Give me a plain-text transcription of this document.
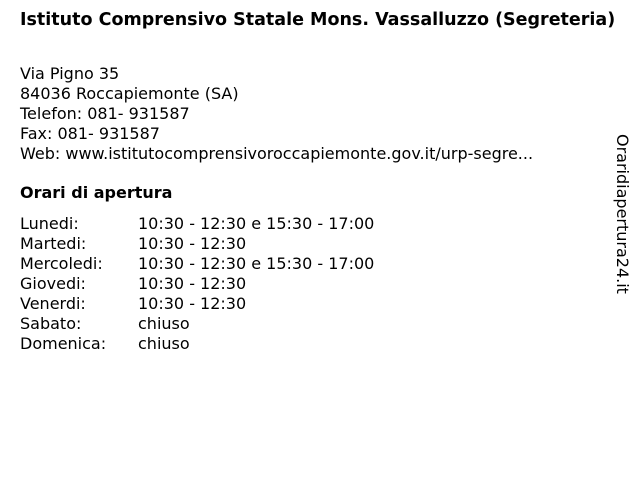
Istituto Comprensivo Statale Mons. Vassalluzzo (Segreteria)
Via Pigno 35
84036 Roccapiemonte (SA)
Telefon: 081- 931587
Fax: 081- 931587
Web: www.istitutocomprensivoroccapiemonte.gov.it/urp-segre...
Orari di apertura
Lunedi:	10:30 - 12:30 e 15:30 - 17:00
Martedi:	10:30 - 12:30
Mercoledi:	10:30 - 12:30 e 15:30 - 17:00
Giovedi:	10:30 - 12:30
Venerdi:	10:30 - 12:30
Sabato:	chiuso
Domenica:	chiuso
Oraridiapertura24.it
